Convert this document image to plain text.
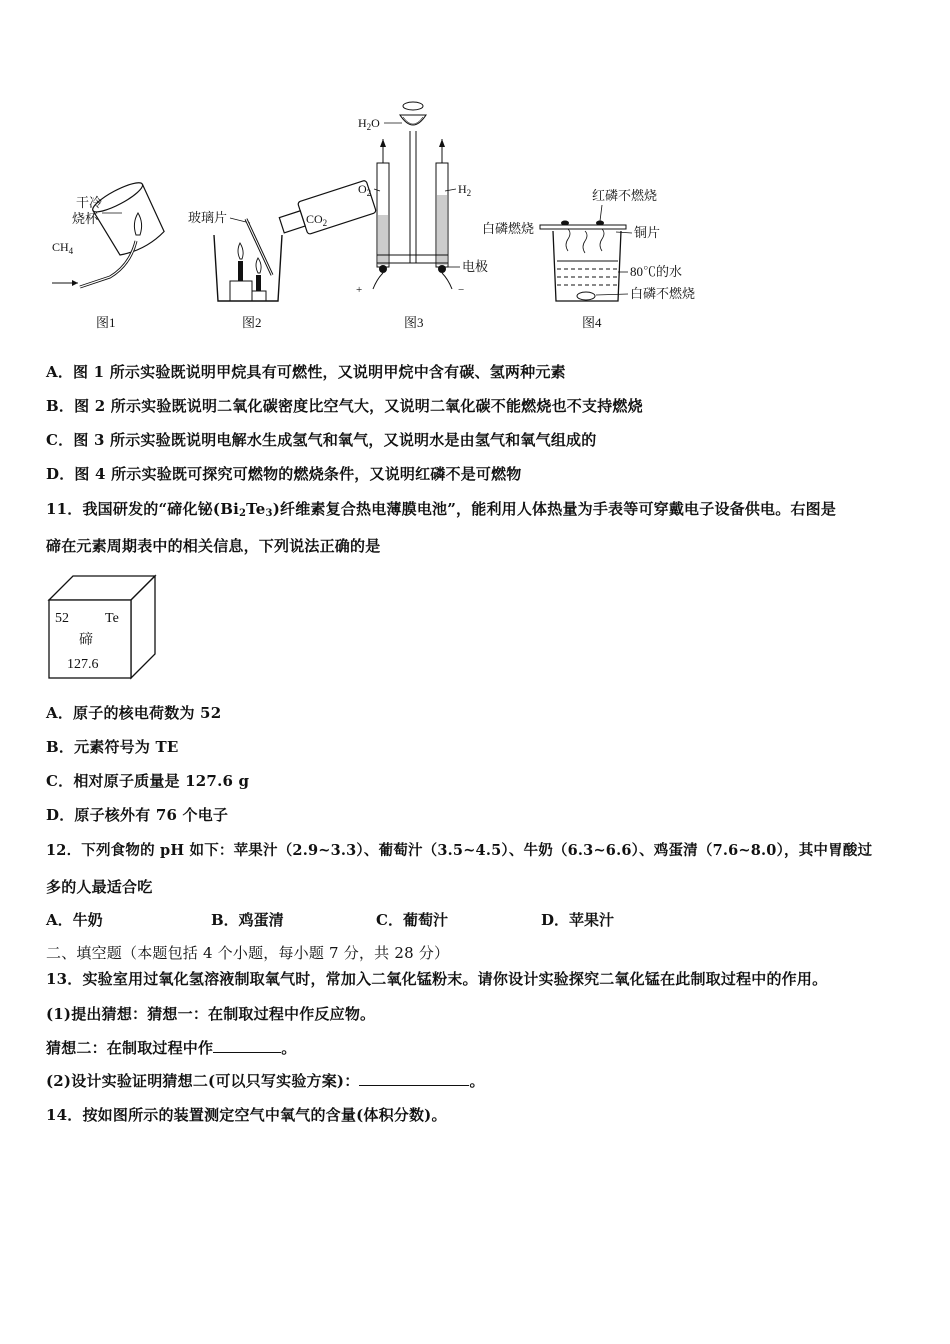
干冷
烧杯
$CH_4$
图1
玻璃片	$CO_2$
图2
$H_2O$
+	−
$O_2$	$H_2$
电极
图3
红磷不燃烧
白磷燃烧	铜片
80℃的水
白磷不燃烧
图4
A．图 1 所示实验既说明甲烷具有可燃性，又说明甲烷中含有碳、氢两种元素
B．图 2 所示实验既说明二氧化碳密度比空气大，又说明二氧化碳不能燃烧也不支持燃烧
C．图 3 所示实验既说明电解水生成氢气和氧气，又说明水是由氢气和氧气组成的
D．图 4 所示实验既可探究可燃物的燃烧条件，又说明红磷不是可燃物
11．我国研发的“碲化铋(Bi2Te3)纤维素复合热电薄膜电池”，能利用人体热量为手表等可穿戴电子设备供电。右图是
碲在元素周期表中的相关信息，下列说法正确的是
52	Te
碲
127.6
A．原子的核电荷数为 52
B．元素符号为 TE
C．相对原子质量是 127.6 g
D．原子核外有 76 个电子
12．下列食物的 pH 如下：苹果汁（2.9~3.3）、葡萄汁（3.5~4.5）、牛奶（6.3~6.6）、鸡蛋清（7.6~8.0），其中胃酸过
多的人最适合吃
A．牛奶	B．鸡蛋清	C．葡萄汁	D．苹果汁
二、填空题（本题包括 4 个小题，每小题 7 分，共 28 分）
13．实验室用过氧化氢溶液制取氧气时，常加入二氧化锰粉末。请你设计实验探究二氧化锰在此制取过程中的作用。
(1)提出猜想：猜想一：在制取过程中作反应物。
猜想二：在制取过程中作	。
(2)设计实验证明猜想二(可以只写实验方案)：	。
14．按如图所示的装置测定空气中氧气的含量(体积分数)。
